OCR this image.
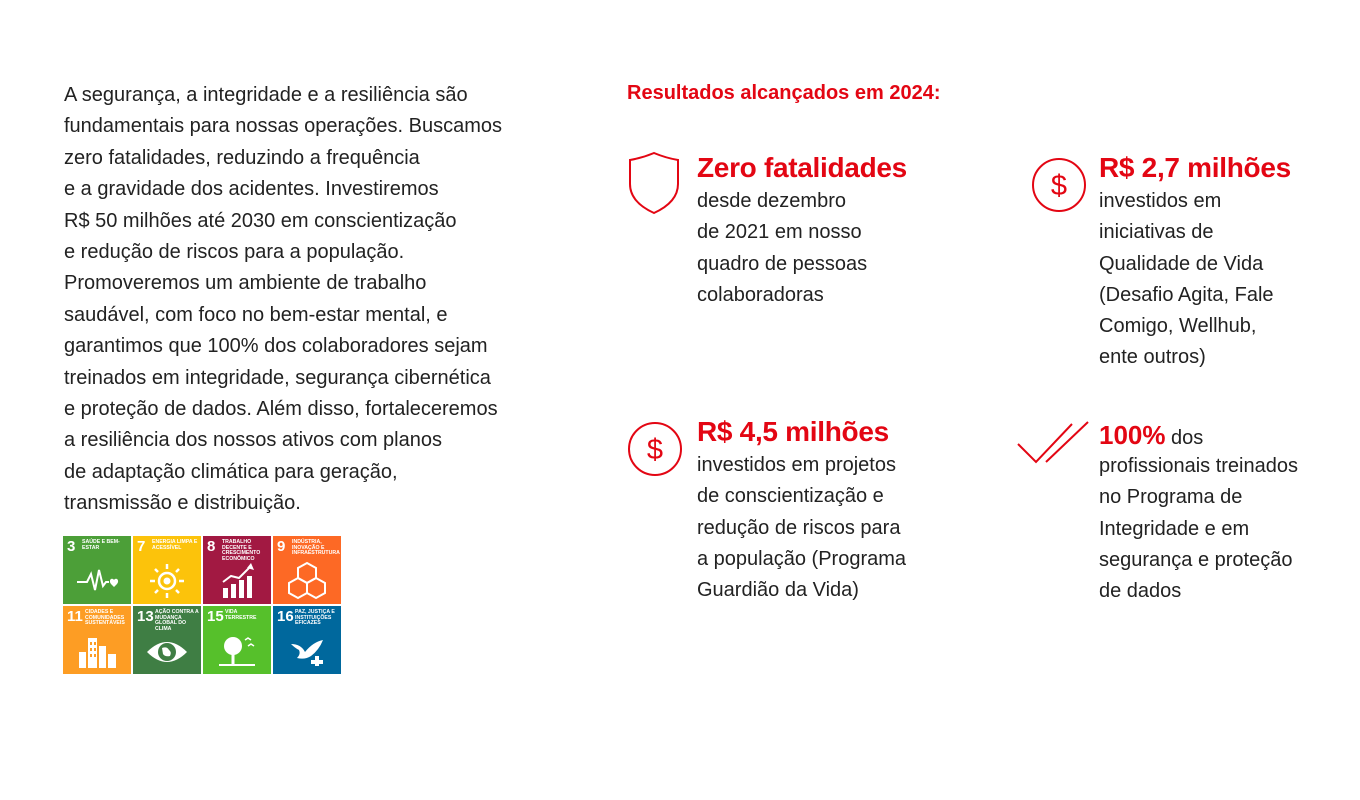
A segurança, a integridade e a resiliência são
fundamentais para nossas operações. Buscamos
zero fatalidades, reduzindo a frequência
e a gravidade dos acidentes. Investiremos
R$ 50 milhões até 2030 em conscientização
e redução de riscos para a população.
Promoveremos um ambiente de trabalho
saudável, com foco no bem-estar mental, e
garantimos que 100% dos colaboradores sejam
treinados em integridade, segurança cibernética
e proteção de dados. Além disso, fortaleceremos
a resiliência dos nossos ativos com planos
de adaptação climática para geração,
transmissão e distribuição.
3 SAÚDE E BEM-ESTAR	7 ENERGIA LIMPA E ACESSÍVEL	8 TRABALHO DECENTE E CRESCIMENTO ECONÔMICO
9 INDÚSTRIA, INOVAÇÃO E INFRAESTRUTURA
11 CIDADES E COMUNIDADES SUSTENTÁVEIS 13 AÇÃO CONTRA A MUDANÇA GLOBAL DO CLIMA
15 VIDA TERRESTRE	16 PAZ, JUSTIÇA E INSTITUIÇÕES EFICAZES
Resultados alcançados em 2024:
Zero fatalidades
desde dezembro
de 2021 em nosso
quadro de pessoas
colaboradoras
$
R$ 2,7 milhões
investidos em
iniciativas de
Qualidade de Vida
(Desafio Agita, Fale
Comigo, Wellhub,
ente outros)
$
R$ 4,5 milhões
investidos em projetos
de conscientização e
redução de riscos para
a população (Programa
Guardião da Vida)
100% dos
profissionais treinados
no Programa de
Integridade e em
segurança e proteção
de dados
